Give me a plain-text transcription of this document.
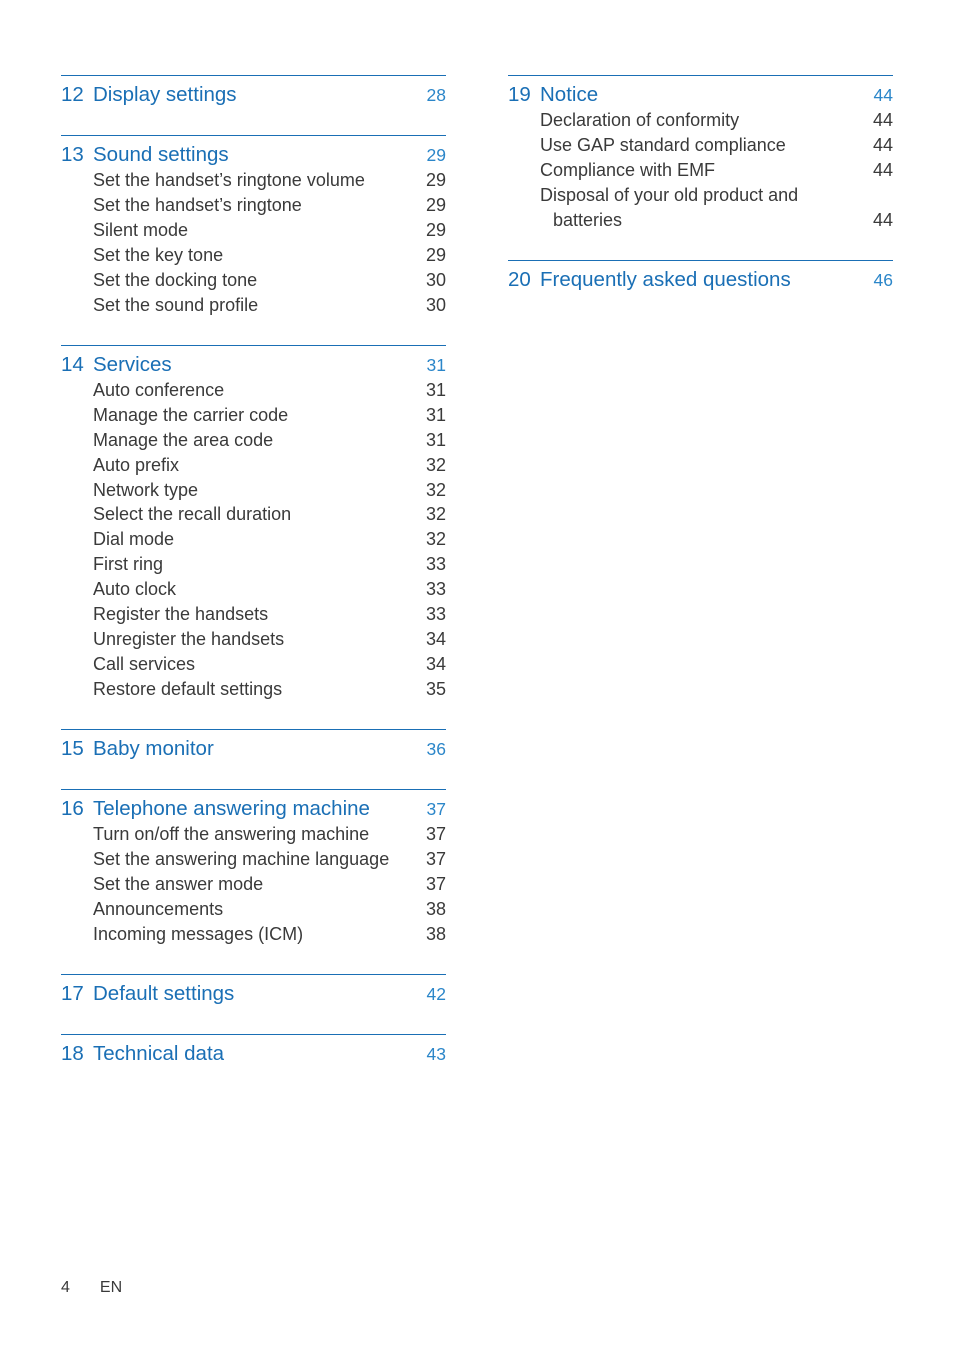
12 Display settings	28
13 Sound settings	29
Set the handset’s ringtone volume	29
Set the handset’s ringtone	29
Silent mode	29
Set the key tone	29
Set the docking tone	30
Set the sound profile	30
14 Services	31
Auto conference	31
Manage the carrier code	31
Manage the area code	31
Auto prefix	32
Network type	32
Select the recall duration	32
Dial mode	32
First ring	33
Auto clock	33
Register the handsets	33
Unregister the handsets	34
Call services	34
Restore default settings	35
15 Baby monitor	36
16 Telephone answering machine	37
Turn on/off the answering machine	37
Set the answering machine language	37
Set the answer mode	37
Announcements	38
Incoming messages (ICM)	38
17 Default settings	42
18 Technical data	43
19 Notice	44
Declaration of conformity	44
Use GAP standard compliance	44
Compliance with EMF	44
Disposal of your old product and
batteries	44
20 Frequently asked questions	46
4 EN
